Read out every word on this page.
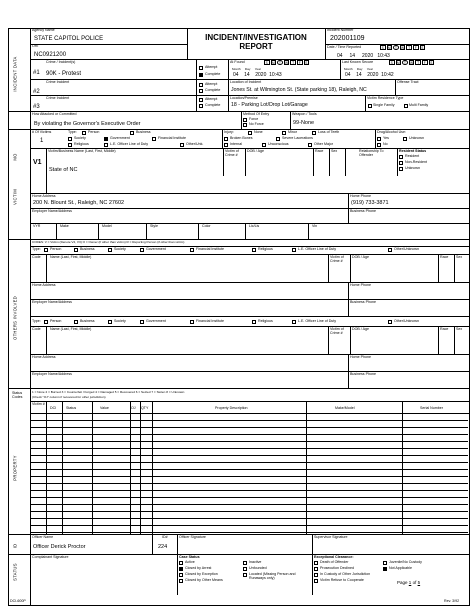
INCIDENT DATA
MO
VICTIM
OTHERS INVOLVED
PROPERTY
ID
STATUS
Agency Name
STATE CAPITOL POLICE
ORI
NC0921200
INCIDENT/INVESTIGATION
REPORT
Incident Number
202001109
Date / Time Reported
04 14 2020 10:43
S	M	T	W	T	F	S
Crime / Incident(s)
#1 90K - Protest
Attempt
Complete
At Found	S	M	T	W	T	F	S
Month Day Year
04 14 2020 10:43
Last Known Secure	S	M	T	W	T	F	S
Month Day Year
04 14 2020 10:42
Crime Incident
#2
Attempt
Complete
Location of Incident
Jones St. at Wilmington St. (State parking 18), Raleigh, NC
Offense Tract
Crime Incident
#3
Attempt
Complete
Location/Premise
18 - Parking Lot/Drop Lot/Garage
Victim Residence Type
Single Family	Multi Family
How Attacked or Committed
By violating the Governor's Executive Order
Method Of Entry
Force
No Force
Weapon / Tools
99-None
# Of Victims
1
Type:	Person	Business
Society	Government	Financial Institute
Religious	L.E. Officer Line of Duty	Other/Unk.
Injury:	None	Minor	Loss of Teeth
Broken Bones	Severe Lacerations
Internal	Unconscious	Other Major
Drug/Alcohol Use:
Yes	Unknown
No
V1
Victim/Business Name (Last, First, Middle)
State of NC
Victim of Crime #
DOB / Age	Race Sex	Relationship To Offender
Resident Status
Resident
Non-Resident
Unknown
Home Address
200 N. Blount St., Raleigh, NC 27602
Home Phone
(919) 733-3871
Employer Name/Address	Business Phone
VYR	Make	Model	Style	Color	Lic/Lis	Vin
CODES: V = Victim (Denote V2, V3) O = Owner (if other than victim) R = Reporting Person (if other than victim)
Type:	Person	Business	Society	Government	Financial Institute	Religious	L.E. Officer Line of Duty	Other/Unknown
Code	Name (Last, First, Middle)	Victim of Crime #
DOB / Age	Race Sex
Home Address	Home Phone
Employer Name/Address	Business Phone
Type:	Person	Business	Society	Government	Financial Institute	Religious	L.E. Officer Line of Duty	Other/Unknown
Code	Name (Last, First, Middle)	Victim of Crime #
DOB / Age	Race Sex
Home Address	Home Phone
Employer Name/Address	Business Phone
Status Codes
1 = None 2 = Burned 3 = Counterfeit / Forged 4 = Damaged 5 = Recovered 6 = Seized 7 = Stolen 8 = Unknown
(Check "OJ" column if recovered for other jurisdiction)
Victim #
DCI	Status	Value	OJ QTY	Property Description	Make/Model	Serial Number
Officer Name
Officer Derick Proctor
ID#
224
Officer Signature	Supervisor Signature
Complainant Signature	Case Status
Active	Inactive
Closed by Arrest	Unfounded
Closed by Exception	Located (Missing Person and Runaways only)
Closed by Other Means
Exceptional Clearance:
Death of Offender	Juvenile/No Custody
Prosecution Declined	Not Applicable
In Custody of Other Jurisdiction
Victim Refuse to Cooperate	Page 1 of 5
DCI-600P	Rev. 3/92
